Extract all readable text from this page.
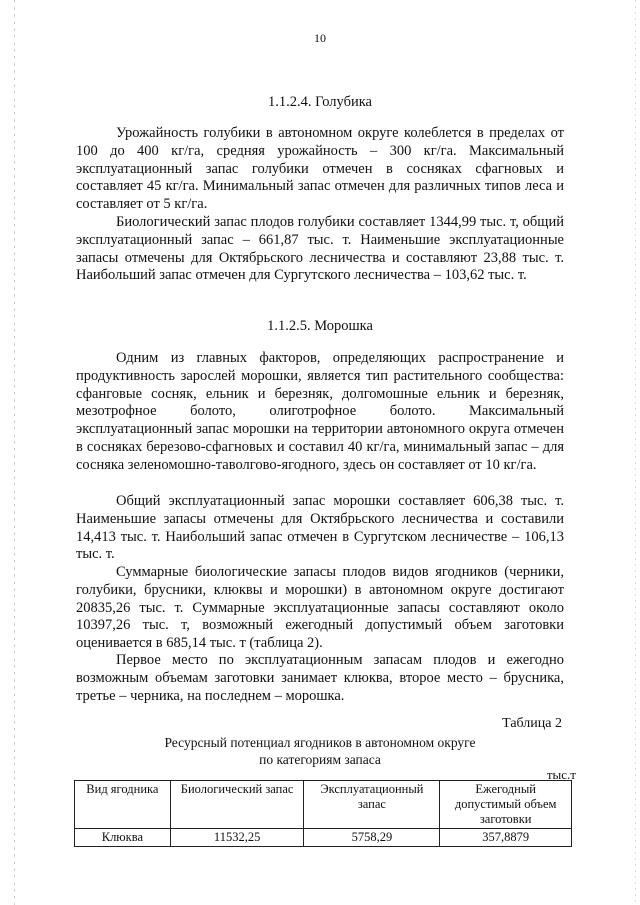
10
1.1.2.4. Голубика

Урожайность голубики в автономном округе колеблется в пределах от 100 до 400 кг/га, средняя урожайность – 300 кг/га. Максимальный эксплуатационный запас голубики отмечен в сосняках сфагновых и составляет 45 кг/га. Минимальный запас отмечен для различных типов леса и составляет от 5 кг/га.

Биологический запас плодов голубики составляет 1344,99 тыс. т, общий эксплуатационный запас – 661,87 тыс. т. Наименьшие эксплуатационные запасы отмечены для Октябрьского лесничества и составляют 23,88 тыс. т. Наибольший запас отмечен для Сургутского лесничества – 103,62 тыс. т.

1.1.2.5. Морошка

Одним из главных факторов, определяющих распространение и продуктивность зарослей морошки, является тип растительного сообщества: сфанговые сосняк, ельник и березняк, долгомошные ельник и березняк, мезотрофное болото, олиготрофное болото. Максимальный эксплуатационный запас морошки на территории автономного округа отмечен в сосняках березово-сфагновых и составил 40 кг/га, минимальный запас – для сосняка зеленомошно-таволгово-ягодного, здесь он составляет от 10 кг/га.

Общий эксплуатационный запас морошки составляет 606,38 тыс. т. Наименьшие запасы отмечены для Октябрьского лесничества и составили 14,413 тыс. т. Наибольший запас отмечен в Сургутском лесничестве – 106,13 тыс. т.

Суммарные биологические запасы плодов видов ягодников (черники, голубики, брусники, клюквы и морошки) в автономном округе достигают 20835,26 тыс. т. Суммарные эксплуатационные запасы составляют около 10397,26 тыс. т, возможный ежегодный допустимый объем заготовки оценивается в 685,14 тыс. т (таблица 2).

Первое место по эксплуатационным запасам плодов и ежегодно возможным объемам заготовки занимает клюква, второе место – брусника, третье – черника, на последнем – морошка.

Таблица 2
Ресурсный потенциал ягодников в автономном округе
по категориям запаса
тыс.т
Вид ягодника	Биологический запас	Эксплуатационный запас	Ежегодный допустимый объем заготовки
Клюква	11532,25	5758,29	357,8879
